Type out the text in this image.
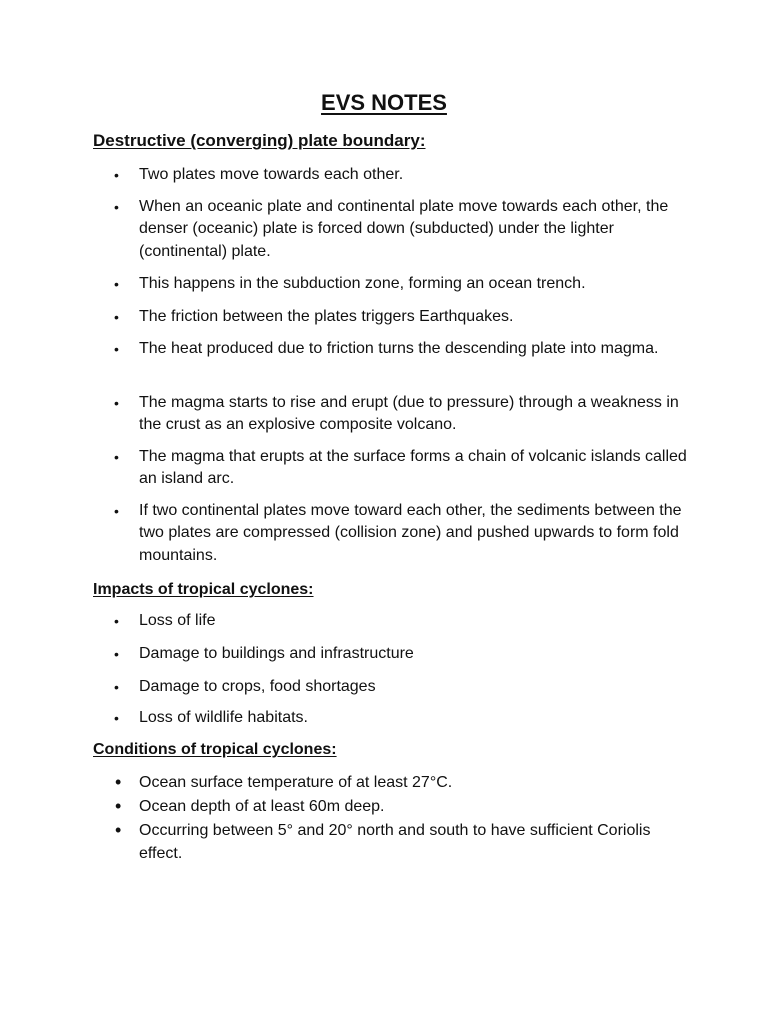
EVS NOTES
Destructive (converging) plate boundary:
• Two plates move towards each other.
• When an oceanic plate and continental plate move towards each other, the denser (oceanic) plate is forced down (subducted) under the lighter (continental) plate.
• This happens in the subduction zone, forming an ocean trench.
• The friction between the plates triggers Earthquakes.
• The heat produced due to friction turns the descending plate into magma.
• The magma starts to rise and erupt (due to pressure) through a weakness in the crust as an explosive composite volcano.
• The magma that erupts at the surface forms a chain of volcanic islands called an island arc.
• If two continental plates move toward each other, the sediments between the two plates are compressed (collision zone) and pushed upwards to form fold mountains.
Impacts of tropical cyclones:
• Loss of life
• Damage to buildings and infrastructure
• Damage to crops, food shortages
• Loss of wildlife habitats.
Conditions of tropical cyclones:
• Ocean surface temperature of at least 27°C.
• Ocean depth of at least 60m deep.
• Occurring between 5° and 20° north and south to have sufficient Coriolis effect.
